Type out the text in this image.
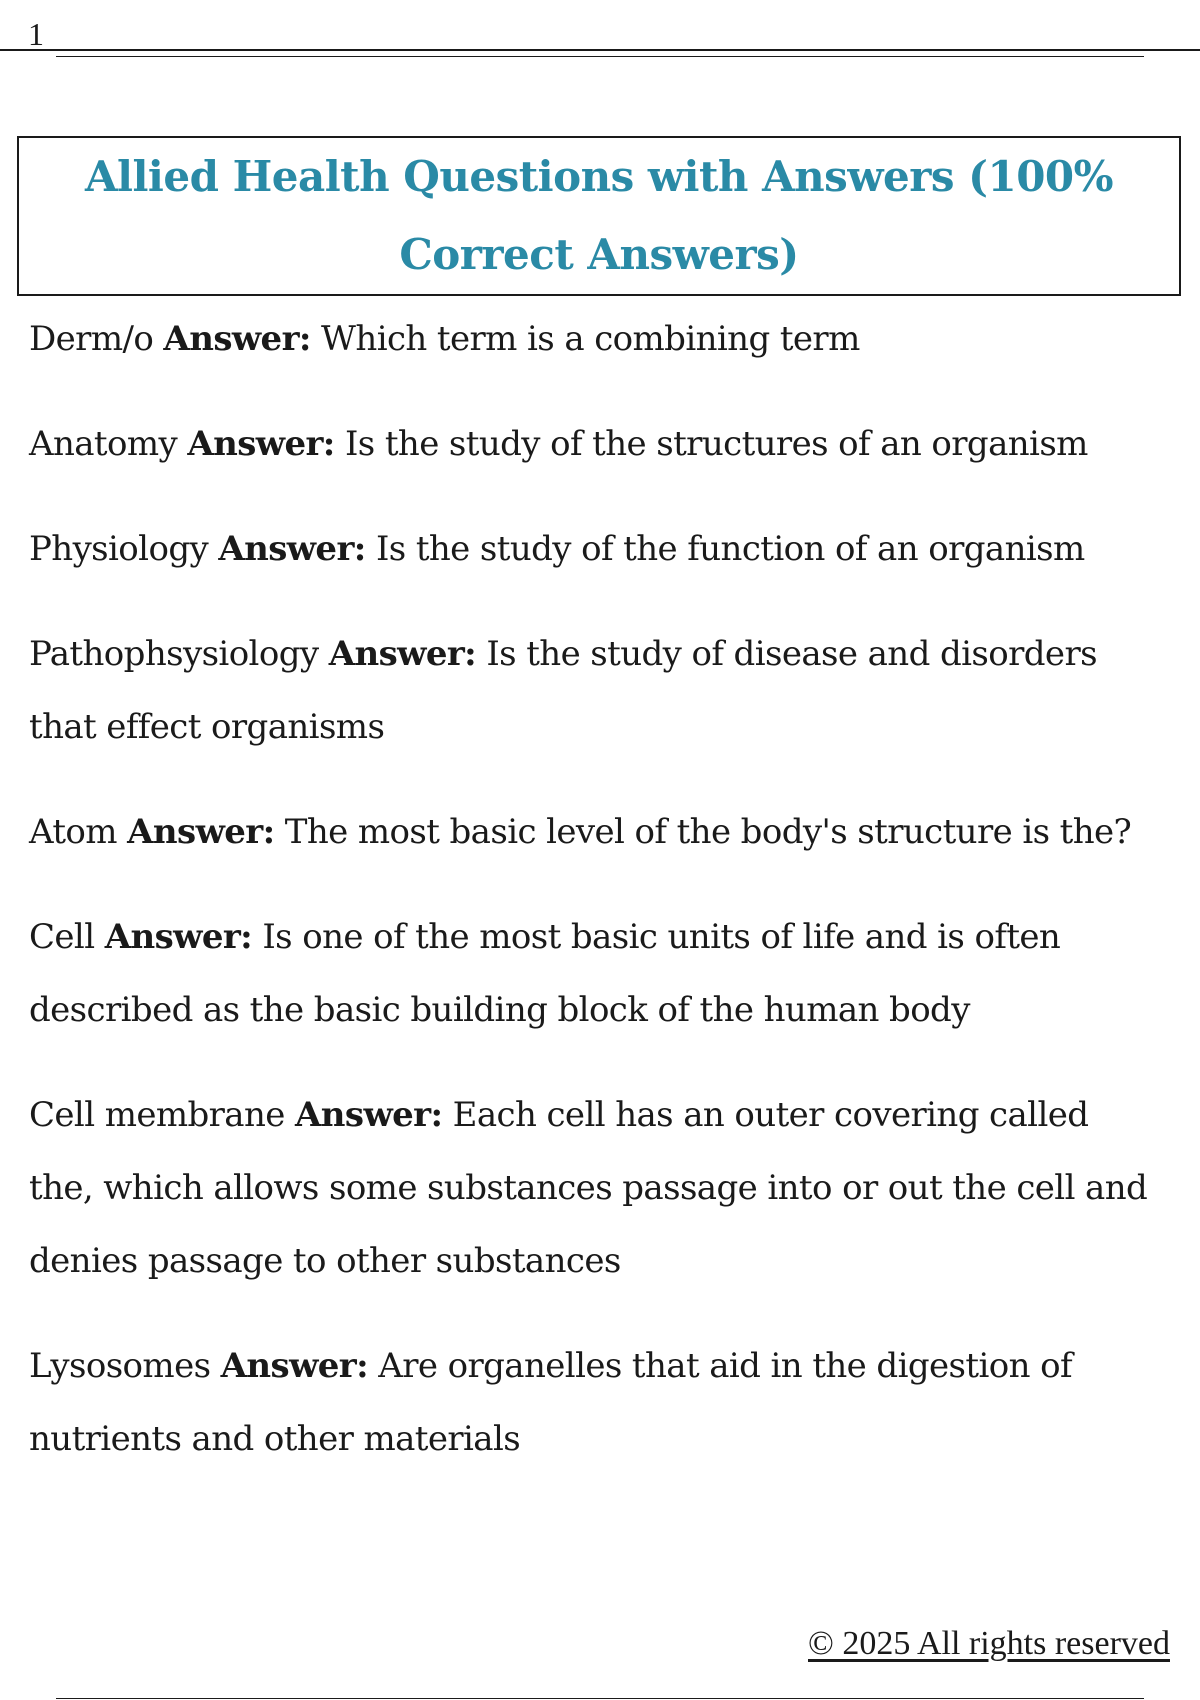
1
Allied Health Questions with Answers (100% Correct Answers)

Derm/o Answer: Which term is a combining term

Anatomy Answer: Is the study of the structures of an organism

Physiology Answer: Is the study of the function of an organism

Pathophsysiology Answer: Is the study of disease and disorders that effect organisms

Atom Answer: The most basic level of the body's structure is the?

Cell Answer: Is one of the most basic units of life and is often described as the basic building block of the human body

Cell membrane Answer: Each cell has an outer covering called the, which allows some substances passage into or out the cell and denies passage to other substances

Lysosomes Answer: Are organelles that aid in the digestion of nutrients and other materials

© 2025 All rights reserved
